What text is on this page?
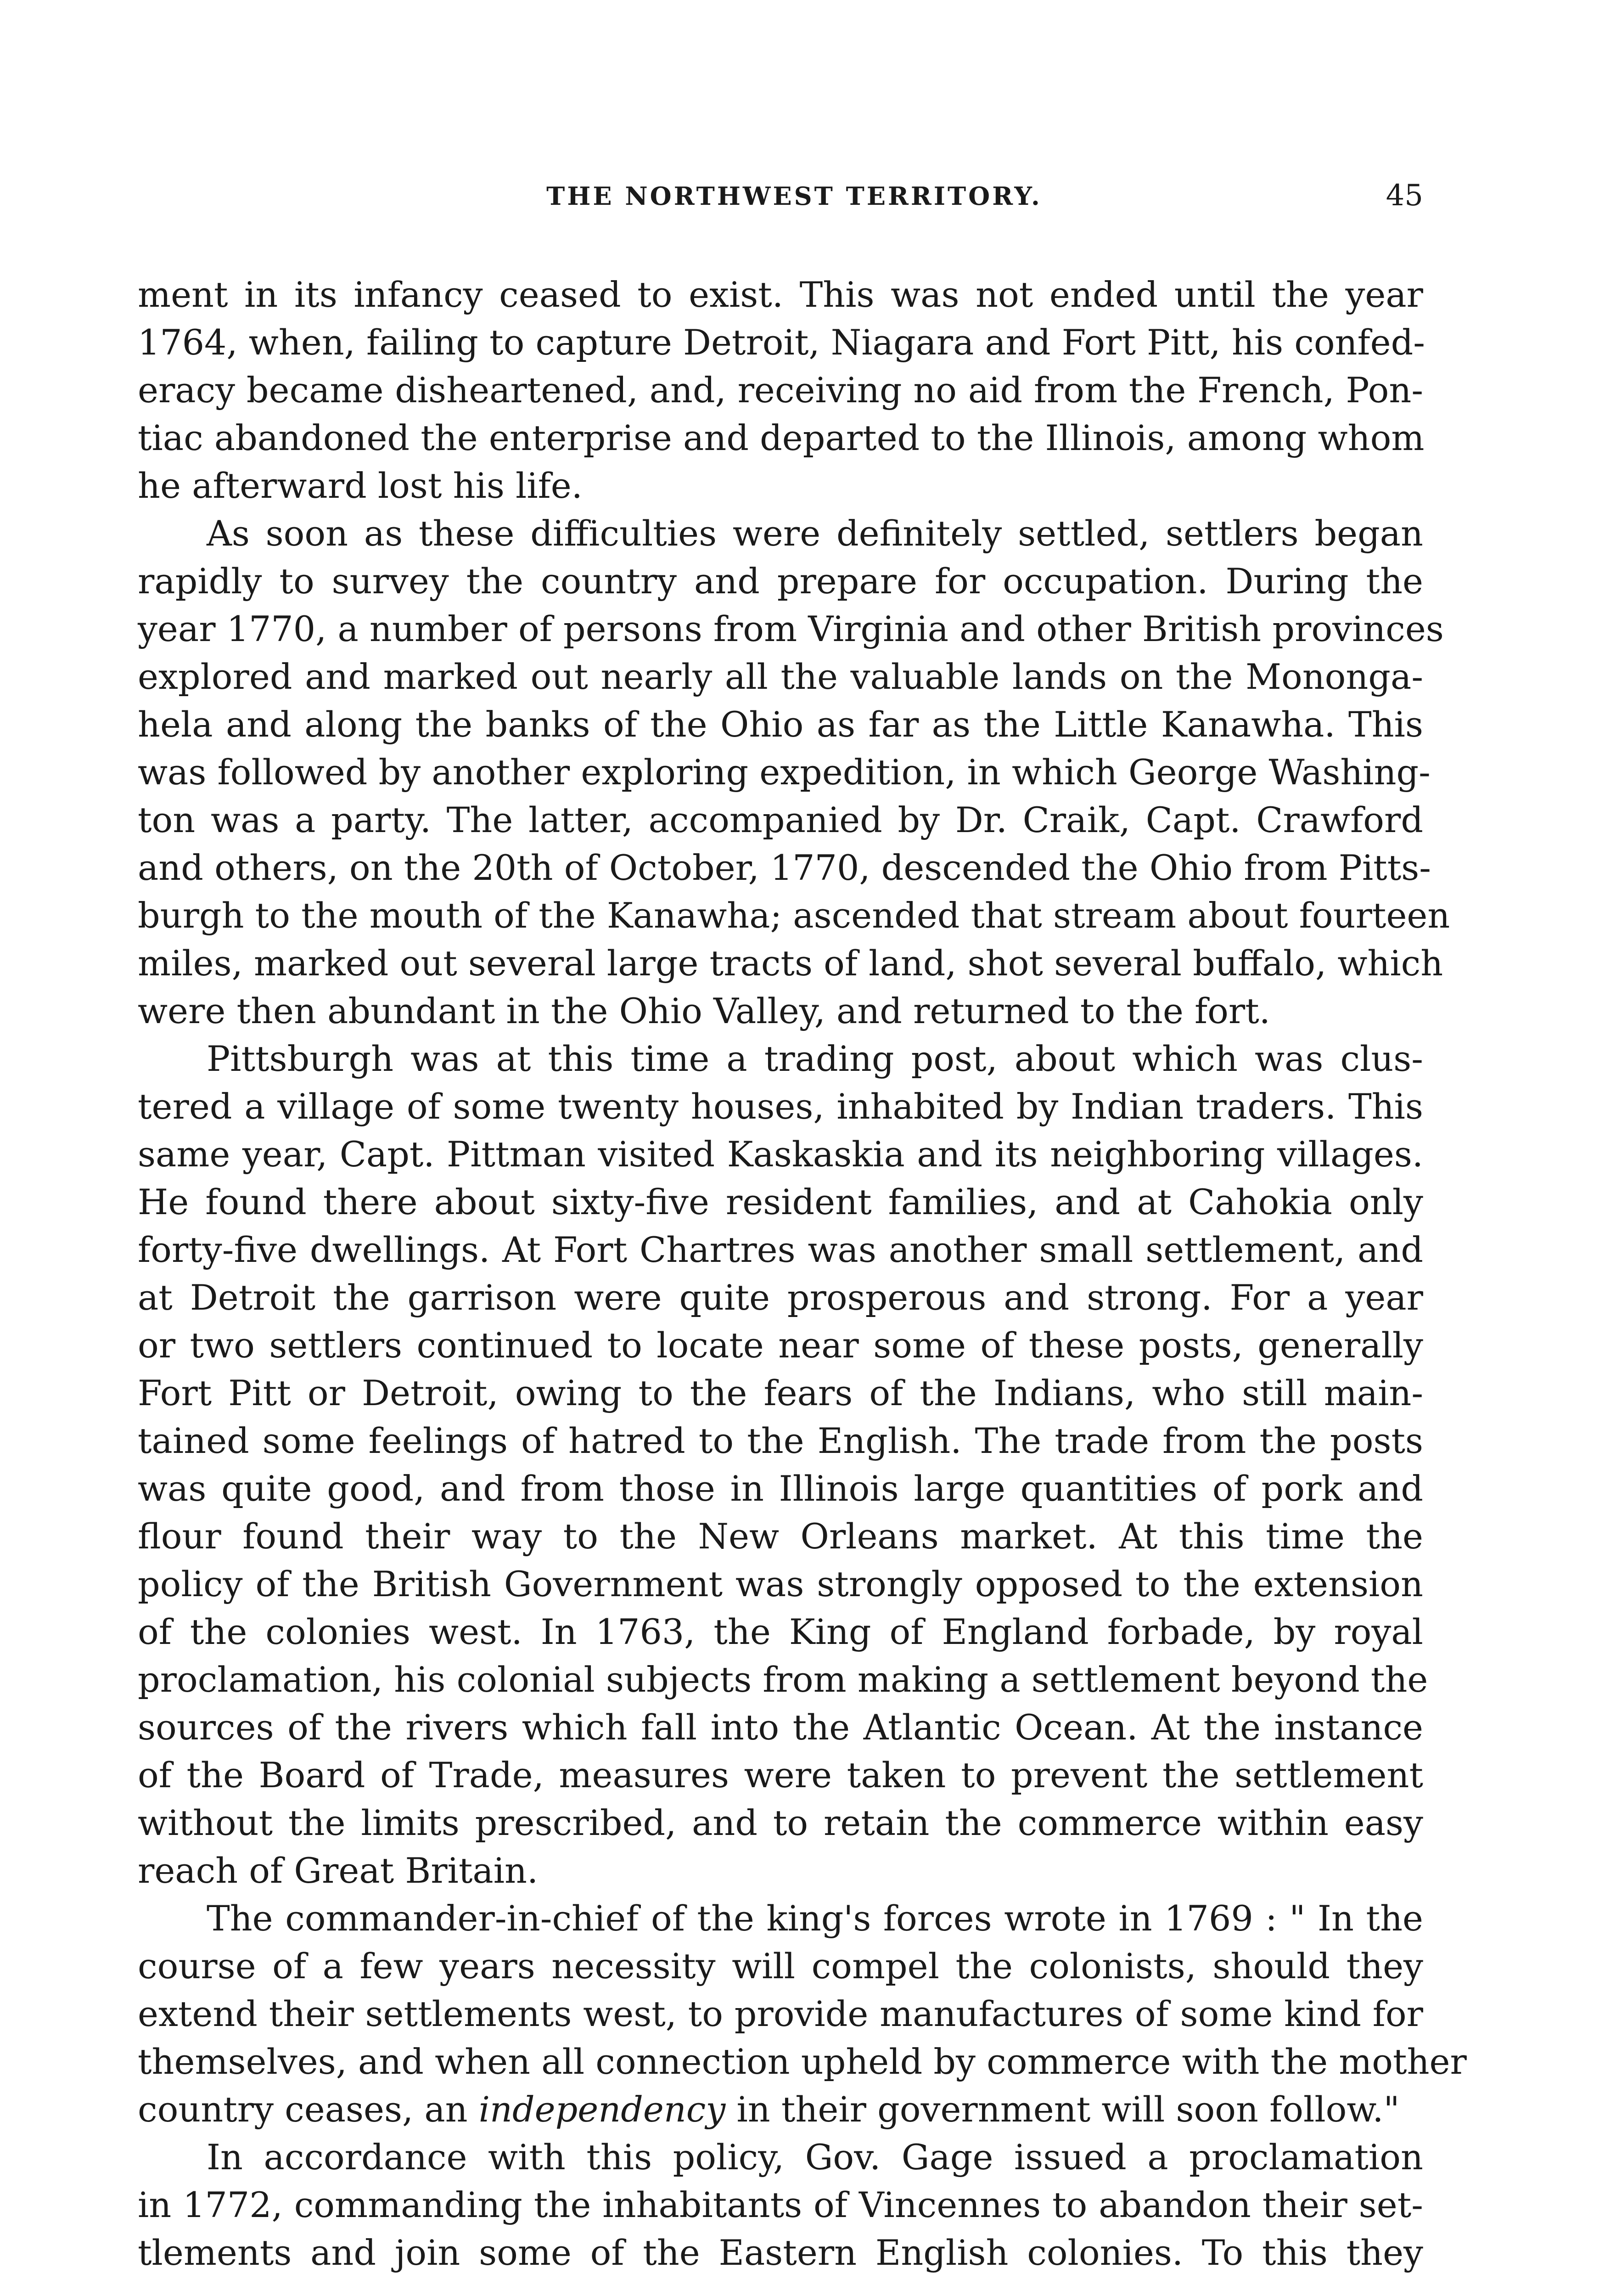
THE NORTHWEST TERRITORY.	45
ment in its infancy ceased to exist. This was not ended until the year
1764, when, failing to capture Detroit, Niagara and Fort Pitt, his confed-
eracy became disheartened, and, receiving no aid from the French, Pon-
tiac abandoned the enterprise and departed to the Illinois, among whom
he afterward lost his life.
As soon as these difficulties were definitely settled, settlers began
rapidly to survey the country and prepare for occupation. During the
year 1770, a number of persons from Virginia and other British provinces
explored and marked out nearly all the valuable lands on the Monongа-
hela and along the banks of the Ohio as far as the Little Kanawha. This
was followed by another exploring expedition, in which George Washing-
ton was a party. The latter, accompanied by Dr. Craik, Capt. Crawford
and others, on the 20th of October, 1770, descended the Ohio from Pitts-
burgh to the mouth of the Kanawha; ascended that stream about fourteen
miles, marked out several large tracts of land, shot several buffalo, which
were then abundant in the Ohio Valley, and returned to the fort.
Pittsburgh was at this time a trading post, about which was clus-
tered a village of some twenty houses, inhabited by Indian traders. This
same year, Capt. Pittman visited Kaskaskia and its neighboring villages.
He found there about sixty-five resident families, and at Cahokia only
forty-five dwellings. At Fort Chartres was another small settlement, and
at Detroit the garrison were quite prosperous and strong. For a year
or two settlers continued to locate near some of these posts, generally
Fort Pitt or Detroit, owing to the fears of the Indians, who still main-
tained some feelings of hatred to the English. The trade from the posts
was quite good, and from those in Illinois large quantities of pork and
flour found their way to the New Orleans market. At this time the
policy of the British Government was strongly opposed to the extension
of the colonies west. In 1763, the King of England forbade, by royal
proclamation, his colonial subjects from making a settlement beyond the
sources of the rivers which fall into the Atlantic Ocean. At the instance
of the Board of Trade, measures were taken to prevent the settlement
without the limits prescribed, and to retain the commerce within easy
reach of Great Britain.
The commander-in-chief of the king's forces wrote in 1769 : " In the
course of a few years necessity will compel the colonists, should they
extend their settlements west, to provide manufactures of some kind for
themselves, and when all connection upheld by commerce with the mother
country ceases, an independency in their government will soon follow."
In accordance with this policy, Gov. Gage issued a proclamation
in 1772, commanding the inhabitants of Vincennes to abandon their set-
tlements and join some of the Eastern English colonies. To this they
